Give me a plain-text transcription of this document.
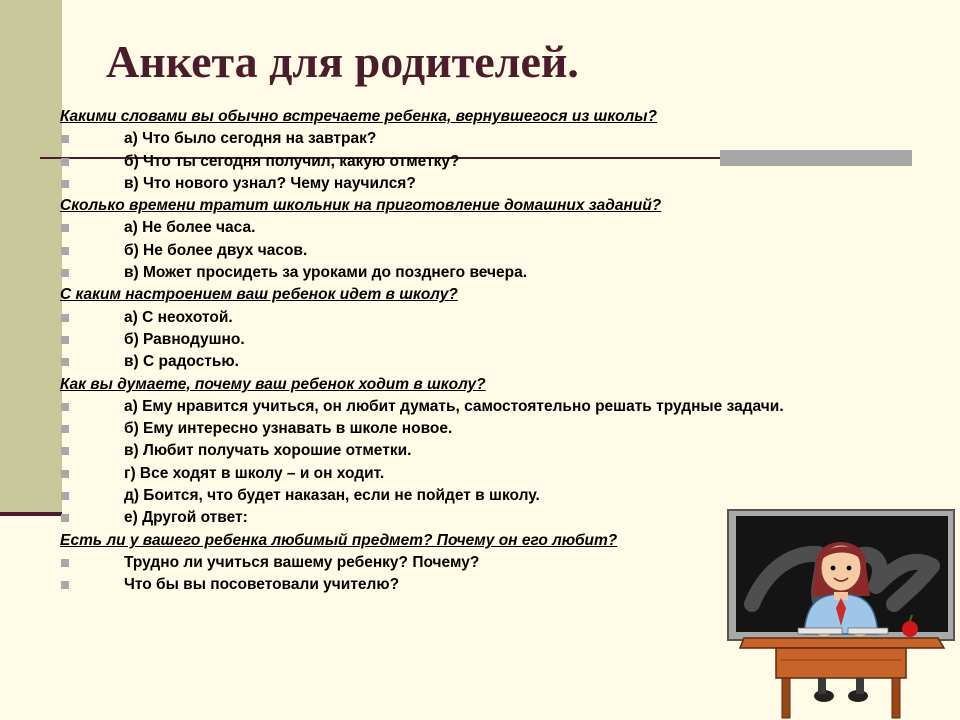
Анкета для родителей.
Какими словами вы обычно встречаете ребенка, вернувшегося из школы?
а) Что было сегодня на завтрак?
б) Что ты сегодня получил, какую отметку?
в) Что нового узнал? Чему научился?
Сколько времени тратит школьник на приготовление домашних заданий?
а) Не более часа.
б) Не более двух часов.
в) Может просидеть за уроками до позднего вечера.
С каким настроением ваш ребенок идет в школу?
а) С неохотой.
б) Равнодушно.
в) С радостью.
Как вы думаете, почему ваш ребенок ходит в школу?
а) Ему нравится учиться, он любит думать, самостоятельно решать трудные задачи.
б) Ему интересно узнавать в школе новое.
в) Любит получать хорошие отметки.
г) Все ходят в школу – и он ходит.
д) Боится, что будет наказан, если не пойдет в школу.
е) Другой ответ:
Есть ли у вашего ребенка любимый предмет? Почему он его любит?
Трудно ли учиться вашему ребенку? Почему?
Что бы вы посоветовали учителю?
